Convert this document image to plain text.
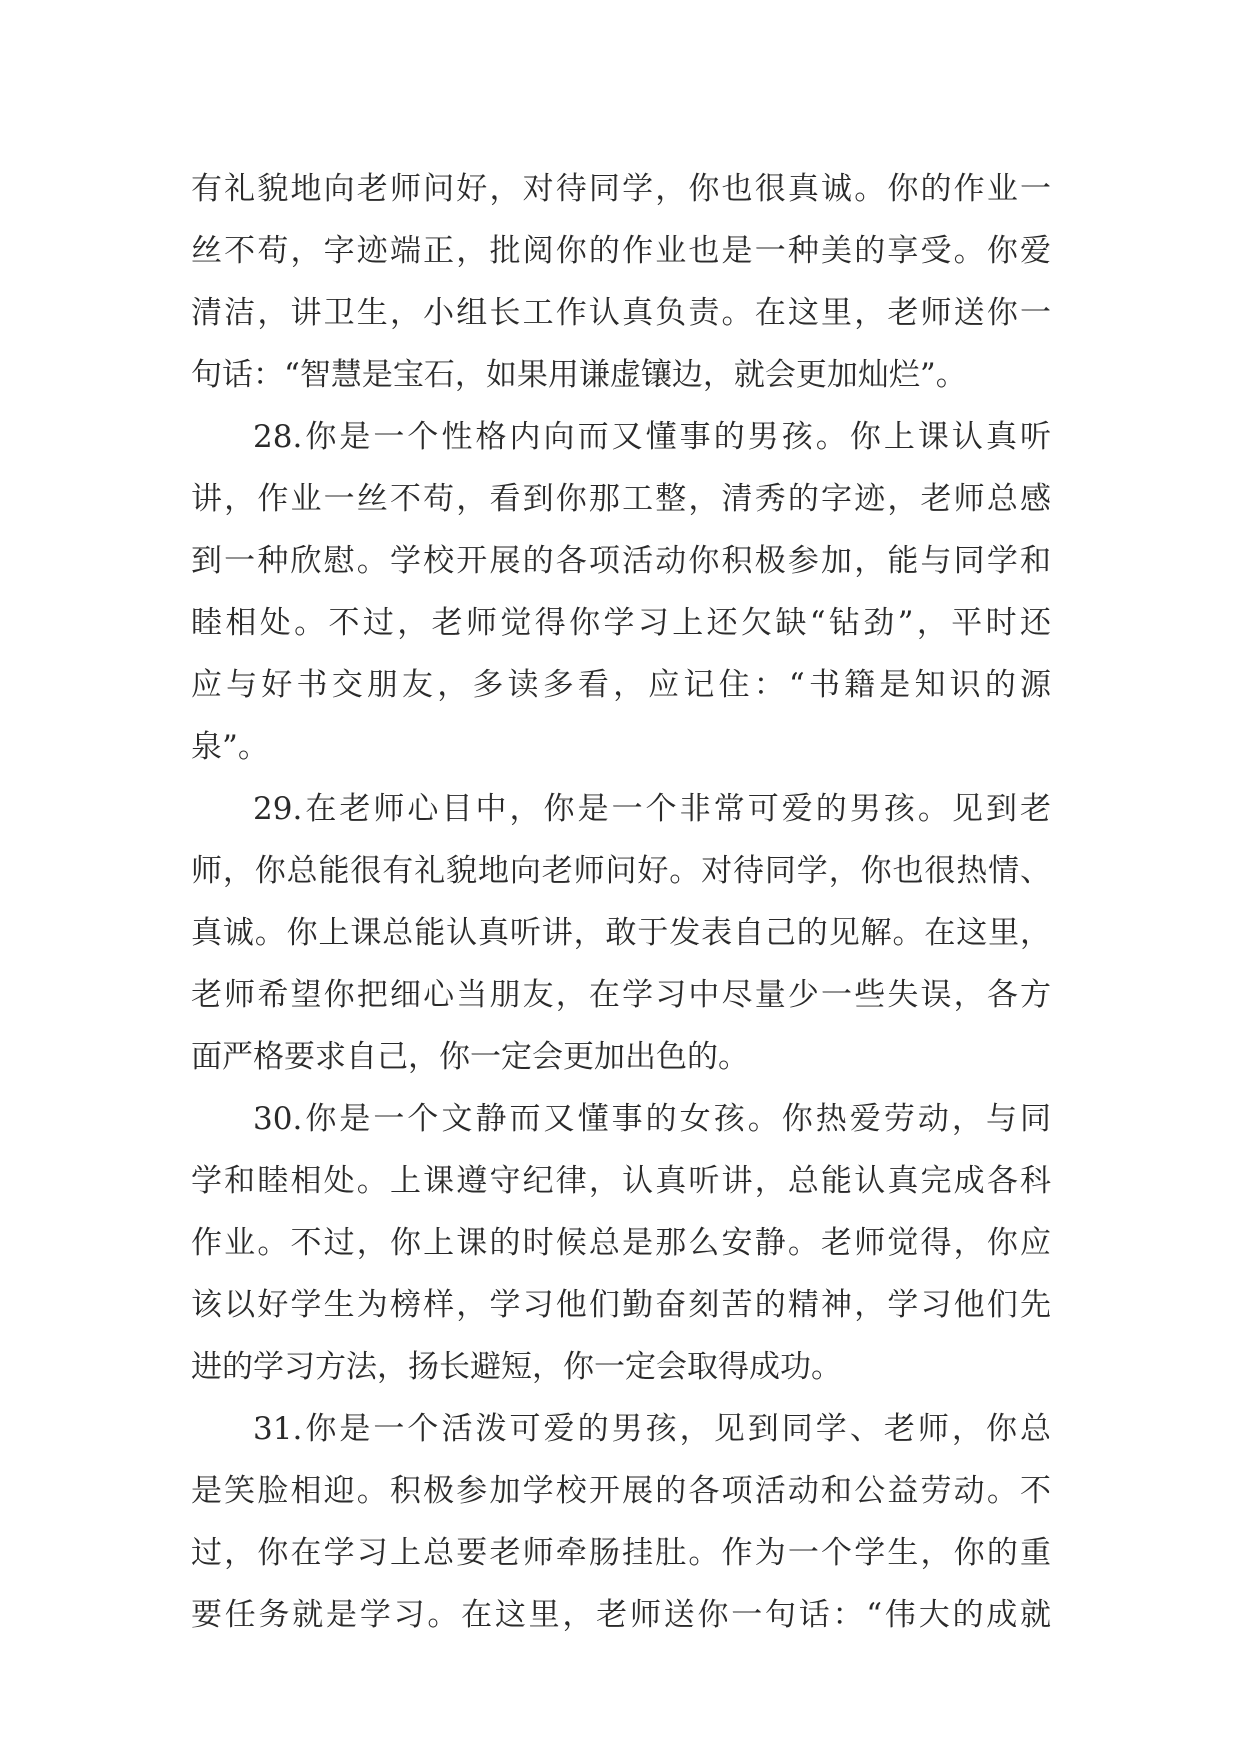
有礼貌地向老师问好，对待同学，你也很真诚。你的作业一
丝不苟，字迹端正，批阅你的作业也是一种美的享受。你爱
清洁，讲卫生，小组长工作认真负责。在这里，老师送你一
句话：“智慧是宝石，如果用谦虚镶边，就会更加灿烂”。
28.你是一个性格内向而又懂事的男孩。你上课认真听
讲，作业一丝不苟，看到你那工整，清秀的字迹，老师总感
到一种欣慰。学校开展的各项活动你积极参加，能与同学和
睦相处。不过，老师觉得你学习上还欠缺“钻劲”，平时还
应与好书交朋友，多读多看，应记住：“书籍是知识的源
泉”。
29.在老师心目中，你是一个非常可爱的男孩。见到老
师，你总能很有礼貌地向老师问好。对待同学，你也很热情、
真诚。你上课总能认真听讲，敢于发表自己的见解。在这里，
老师希望你把细心当朋友，在学习中尽量少一些失误，各方
面严格要求自己，你一定会更加出色的。
30.你是一个文静而又懂事的女孩。你热爱劳动，与同
学和睦相处。上课遵守纪律，认真听讲，总能认真完成各科
作业。不过，你上课的时候总是那么安静。老师觉得，你应
该以好学生为榜样，学习他们勤奋刻苦的精神，学习他们先
进的学习方法，扬长避短，你一定会取得成功。
31.你是一个活泼可爱的男孩，见到同学、老师，你总
是笑脸相迎。积极参加学校开展的各项活动和公益劳动。不
过，你在学习上总要老师牵肠挂肚。作为一个学生，你的重
要任务就是学习。在这里，老师送你一句话：“伟大的成就
